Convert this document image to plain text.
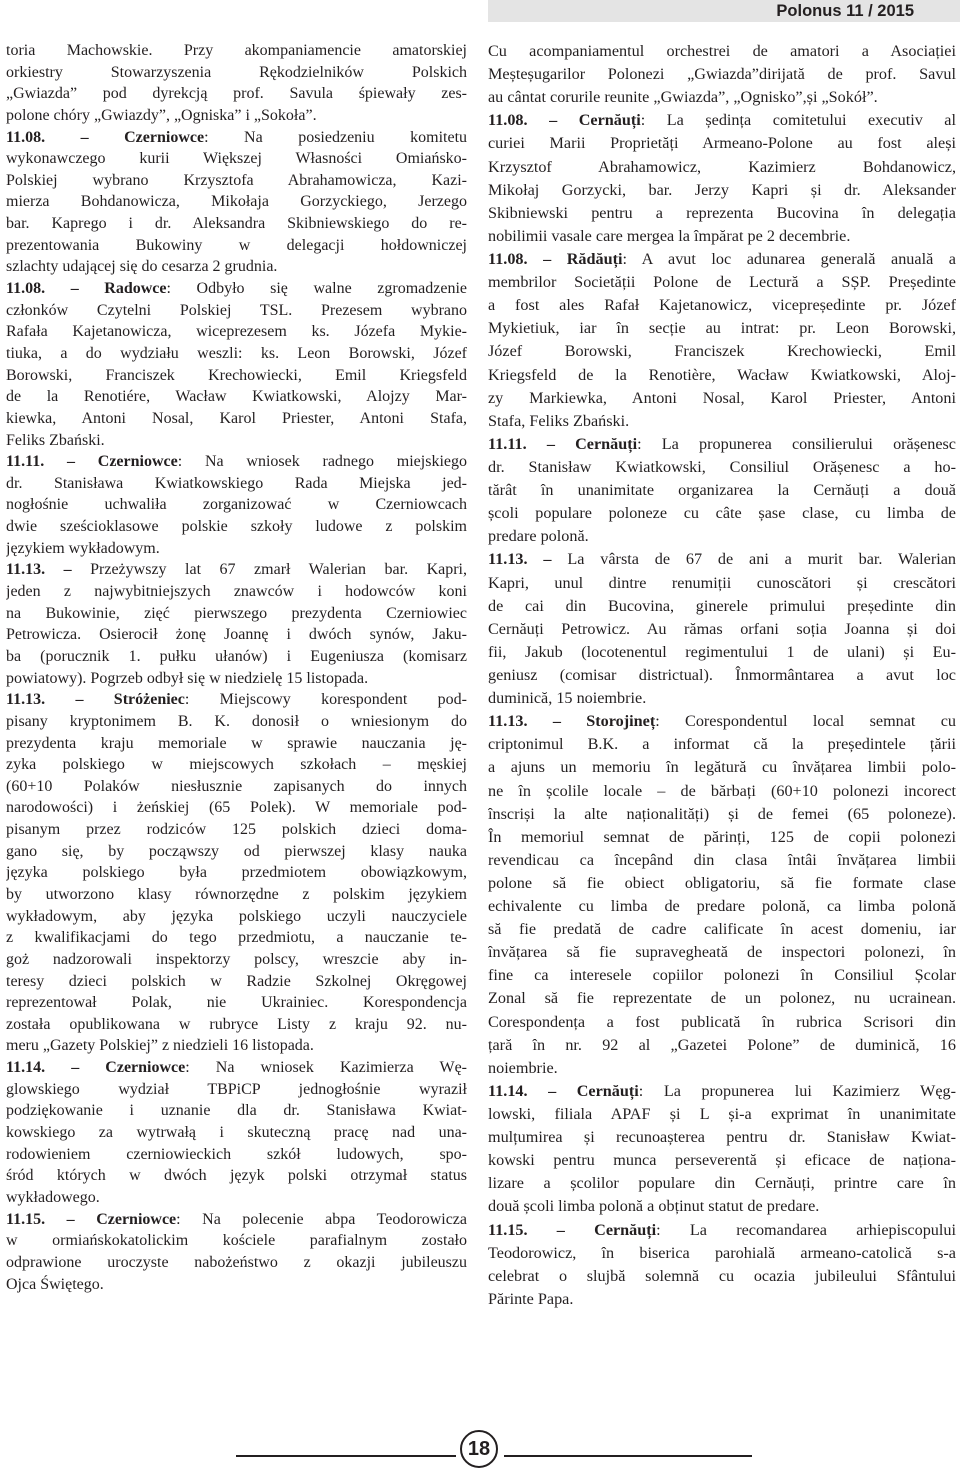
Polonus 11 / 2015
toria Machowskie. Przy akompaniamencie amatorskiej
orkiestry Stowarzyszenia Rękodzielników Polskich
„Gwiazda” pod dyrekcją prof. Savula śpiewały zes-
polone chóry „Gwiazdy”, „Ogniska” i „Sokoła”.
11.08. – Czerniowce: Na posiedzeniu komitetu
wykonawczego kurii Większej Własności Omiańsko-
Polskiej wybrano Krzysztofa Abrahamowicza, Kazi-
mierza Bohdanowicza, Mikołaja Gorzyckiego, Jerzego
bar. Kaprego i dr. Aleksandra Skibniewskiego do re-
prezentowania Bukowiny w delegacji hołdowniczej
szlachty udającej się do cesarza 2 grudnia.
11.08. – Radowce: Odbyło się walne zgromadzenie
członków Czytelni Polskiej TSL. Prezesem wybrano
Rafała Kajetanowicza, wiceprezesem ks. Józefa Mykie-
tiuka, a do wydziału weszli: ks. Leon Borowski, Józef
Borowski, Franciszek Krechowiecki, Emil Kriegsfeld
de la Renotiére, Wacław Kwiatkowski, Alojzy Mar-
kiewka, Antoni Nosal, Karol Priester, Antoni Stafa,
Feliks Zbański.
11.11. – Czerniowce: Na wniosek radnego miejskiego
dr. Stanisława Kwiatkowskiego Rada Miejska jed-
nogłośnie uchwaliła zorganizować w Czerniowcach
dwie sześcioklasowe polskie szkoły ludowe z polskim
językiem wykładowym.
11.13. – Przeżywszy lat 67 zmarł Walerian bar. Kapri,
jeden z najwybitniejszych znawców i hodowców koni
na Bukowinie, zięć pierwszego prezydenta Czerniowiec
Petrowicza. Osierocił żonę Joannę i dwóch synów, Jaku-
ba (porucznik 1. pułku ułanów) i Eugeniusza (komisarz
powiatowy). Pogrzeb odbył się w niedzielę 15 listopada.
11.13. – Stróżeniec: Miejscowy korespondent pod-
pisany kryptonimem B. K. donosił o wniesionym do
prezydenta kraju memoriale w sprawie nauczania ję-
zyka polskiego w miejscowych szkołach – męskiej
(60+10 Polaków niesłusznie zapisanych do innych
narodowości) i żeńskiej (65 Polek). W memoriale pod-
pisanym przez rodziców 125 polskich dzieci doma-
gano się, by począwszy od pierwszej klasy nauka
języka polskiego była przedmiotem obowiązkowym,
by utworzono klasy równorzędne z polskim językiem
wykładowym, aby języka polskiego uczyli nauczyciele
z kwalifikacjami do tego przedmiotu, a nauczanie te-
goż nadzorowali inspektorzy polscy, wreszcie aby in-
teresy dzieci polskich w Radzie Szkolnej Okręgowej
reprezentował Polak, nie Ukrainiec. Korespondencja
została opublikowana w rubryce Listy z kraju 92. nu-
meru „Gazety Polskiej” z niedzieli 16 listopada.
11.14. – Czerniowce: Na wniosek Kazimierza Wę-
glowskiego wydział TBPiCP jednogłośnie wyraził
podziękowanie i uznanie dla dr. Stanisława Kwiat-
kowskiego za wytrwałą i skuteczną pracę nad una-
rodowieniem czerniowieckich szkół ludowych, spo-
śród których w dwóch język polski otrzymał status
wykładowego.
11.15. – Czerniowce: Na polecenie abpa Teodorowicza
w ormiańskokatolickim kościele parafialnym zostało
odprawione uroczyste nabożeństwo z okazji jubileuszu
Ojca Świętego.
Cu acompaniamentul orchestrei de amatori a Asociației
Meșteșugarilor Polonezi „Gwiazda”dirijată de prof. Savul
au cântat corurile reunite „Gwiazda”, „Ognisko”,și „Sokół”.
11.08. – Cernăuți: La ședința comitetului executiv al
curiei Marii Proprietăți Armeano-Polone au fost aleși
Krzysztof Abrahamowicz, Kazimierz Bohdanowicz,
Mikołaj Gorzycki, bar. Jerzy Kapri și dr. Aleksander
Skibniewski pentru a reprezenta Bucovina în delegația
nobilimii vasale care mergea la împărat pe 2 decembrie.
11.08. – Rădăuți: A avut loc adunarea generală anuală a
membrilor Societății Polone de Lectură a SȘP. Președinte
a fost ales Rafał Kajetanowicz, vicepreședinte pr. Józef
Mykietiuk, iar în secție au intrat: pr. Leon Borowski,
Józef Borowski, Franciszek Krechowiecki, Emil
Kriegsfeld de la Renotière, Wacław Kwiatkowski, Aloj-
zy Markiewka, Antoni Nosal, Karol Priester, Antoni
Stafa, Feliks Zbański.
11.11. – Cernăuți: La propunerea consilierului orășenesc
dr. Stanisław Kwiatkowski, Consiliul Orășenesc a ho-
tărât în unanimitate organizarea la Cernăuți a două
școli populare poloneze cu câte șase clase, cu limba de
predare polonă.
11.13. – La vârsta de 67 de ani a murit bar. Walerian
Kapri, unul dintre renumiții cunoscători și crescători
de cai din Bucovina, ginerele primului președinte din
Cernăuți Petrowicz. Au rămas orfani soția Joanna și doi
fii, Jakub (locotenentul regimentului 1 de ulani) și Eu-
geniusz (comisar districtual). Înmormântarea a avut loc
duminică, 15 noiembrie.
11.13. – Storojineț: Corespondentul local semnat cu
criptonimul B.K. a informat că la președintele țării
a ajuns un memoriu în legătură cu învățarea limbii polo-
ne în școlile locale – de bărbați (60+10 polonezi incorect
înscriși la alte naționalități) și de femei (65 poloneze).
În memoriul semnat de părinți, 125 de copii polonezi
revendicau ca începând din clasa întâi învățarea limbii
polone să fie obiect obligatoriu, să fie formate clase
echivalente cu limba de predare polonă, ca limba polonă
să fie predată de cadre calificate în acest domeniu, iar
învățarea să fie supravegheată de inspectori polonezi, în
fine ca interesele copiilor polonezi în Consiliul Școlar
Zonal să fie reprezentate de un polonez, nu ucrainean.
Corespondența a fost publicată în rubrica Scrisori din
țară în nr. 92 al „Gazetei Polone” de duminică, 16
noiembrie.
11.14. – Cernăuți: La propunerea lui Kazimierz Węg-
lowski, filiala APAF și L și-a exprimat în unanimitate
mulțumirea și recunoașterea pentru dr. Stanisław Kwiat-
kowski pentru munca perseverentă și eficace de naționa-
lizare a școlilor populare din Cernăuți, printre care în
două școli limba polonă a obținut statut de predare.
11.15. – Cernăuți: La recomandarea arhiepiscopului
Teodorowicz, în biserica parohială armeano-catolică s-a
celebrat o slujbă solemnă cu ocazia jubileului Sfântului
Părinte Papa.
18
